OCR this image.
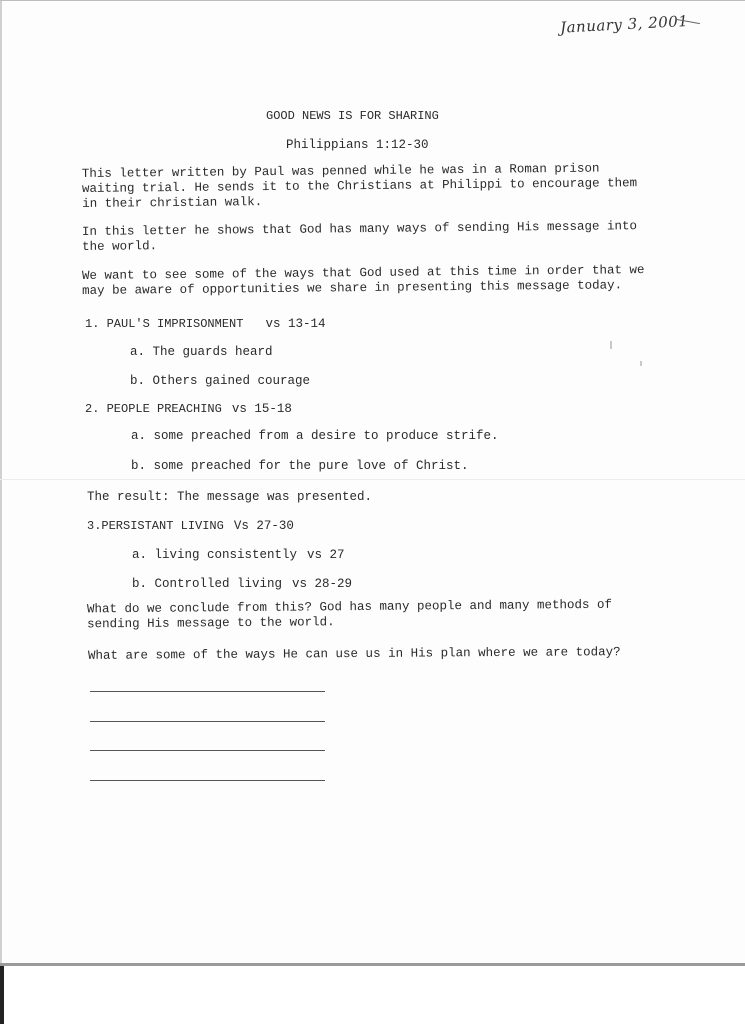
January 3, 2001
GOOD NEWS IS FOR SHARING
Philippians 1:12-30
This letter written by Paul was penned while he was in a Roman prison waiting trial. He sends it to the Christians at Philippi to encourage them in their christian walk.
In this letter he shows that God has many ways of sending His message into the world.
We want to see some of the ways that God used at this time in order that we may be aware of opportunities we share in presenting this message today.
1. PAUL'S IMPRISONMENT vs 13-14
a. The guards heard
b. Others gained courage
2. PEOPLE PREACHING vs 15-18
a. some preached from a desire to produce strife.
b. some preached for the pure love of Christ.
The result: The message was presented.
3.PERSISTANT LIVING Vs 27-30
a. living consistently vs 27
b. Controlled living vs 28-29
What do we conclude from this? God has many people and many methods of sending His message to the world.
What are some of the ways He can use us in His plan where we are today?
